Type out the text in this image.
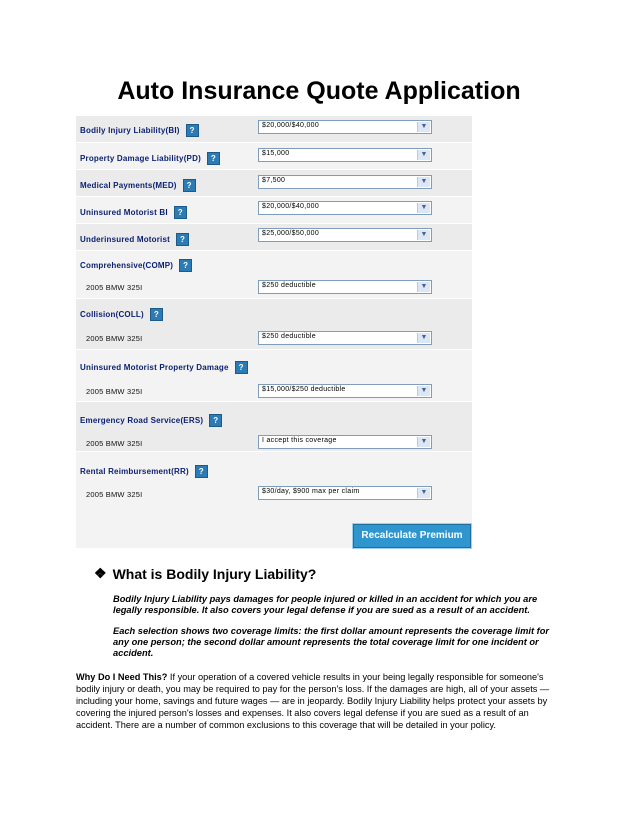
Auto Insurance Quote Application
Bodily Injury Liability(BI)	?
$20,000/$40,000	▼
Property Damage Liability(PD)	?
$15,000	▼
Medical Payments(MED)	?
$7,500	▼
Uninsured Motorist BI	?
$20,000/$40,000	▼
Underinsured Motorist	?
$25,000/$50,000	▼
Comprehensive(COMP)	?
2005 BMW 325I	$250 deductible	▼
Collision(COLL)	?
2005 BMW 325I	$250 deductible	▼
Uninsured Motorist Property Damage	?
2005 BMW 325I	$15,000/$250 deductible	▼
Emergency Road Service(ERS)	?
2005 BMW 325I	I accept this coverage	▼
Rental Reimbursement(RR)	?
2005 BMW 325I	$30/day, $900 max per claim	▼
Recalculate Premium
❖ What is Bodily Injury Liability?

Bodily Injury Liability pays damages for people injured or killed in an accident for which you are legally responsible. It also covers your legal defense if you are sued as a result of an accident.

Each selection shows two coverage limits: the first dollar amount represents the coverage limit for any one person; the second dollar amount represents the total coverage limit for one incident or accident.

Why Do I Need This? If your operation of a covered vehicle results in your being legally responsible for someone's bodily injury or death, you may be required to pay for the person's loss. If the damages are high, all of your assets — including your home, savings and future wages — are in jeopardy. Bodily Injury Liability helps protect your assets by covering the injured person's losses and expenses. It also covers legal defense if you are sued as a result of an accident. There are a number of common exclusions to this coverage that will be detailed in your policy.
